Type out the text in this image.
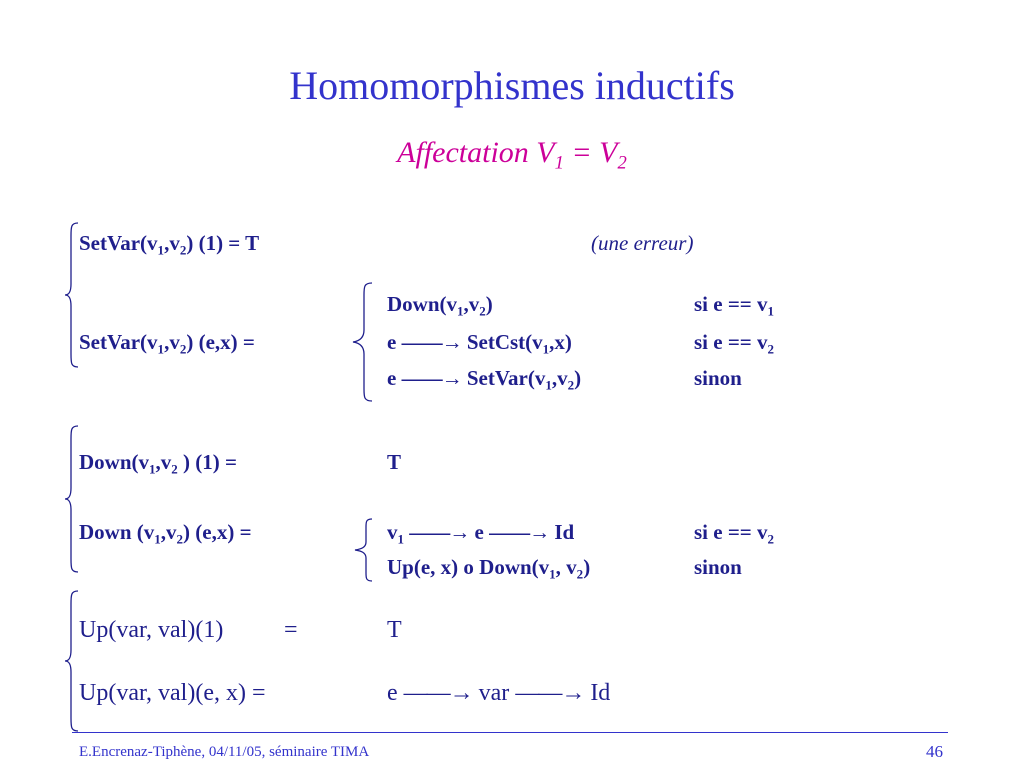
Homomorphismes inductifs
Affectation $V_1 = V_2$
$SetVar(v_1,v_2) (1) = T$	(une erreur)
$SetVar(v_1,v_2) (e,x)$ =
$Down(v_1,v_2)$	si $e == v_1$
e ——→ $SetCst(v_1,x)$	si $e == v_2$
e ——→ $SetVar(v_1,v_2)$	sinon
$Down(v_1,v_2$ ) (1) =	T
Down $(v_1,v_2) (e,x)$ =	$v_1$ ——→ e ——→ Id	si $e == v_2$
Up(e, x) o $Down(v_1$, $v_2$)	sinon
Up(var, val)(1)	=	T
Up(var, val)(e, x) =	e ——→ var ——→ Id
E.Encrenaz-Tiphène, 04/11/05, séminaire TIMA	46
